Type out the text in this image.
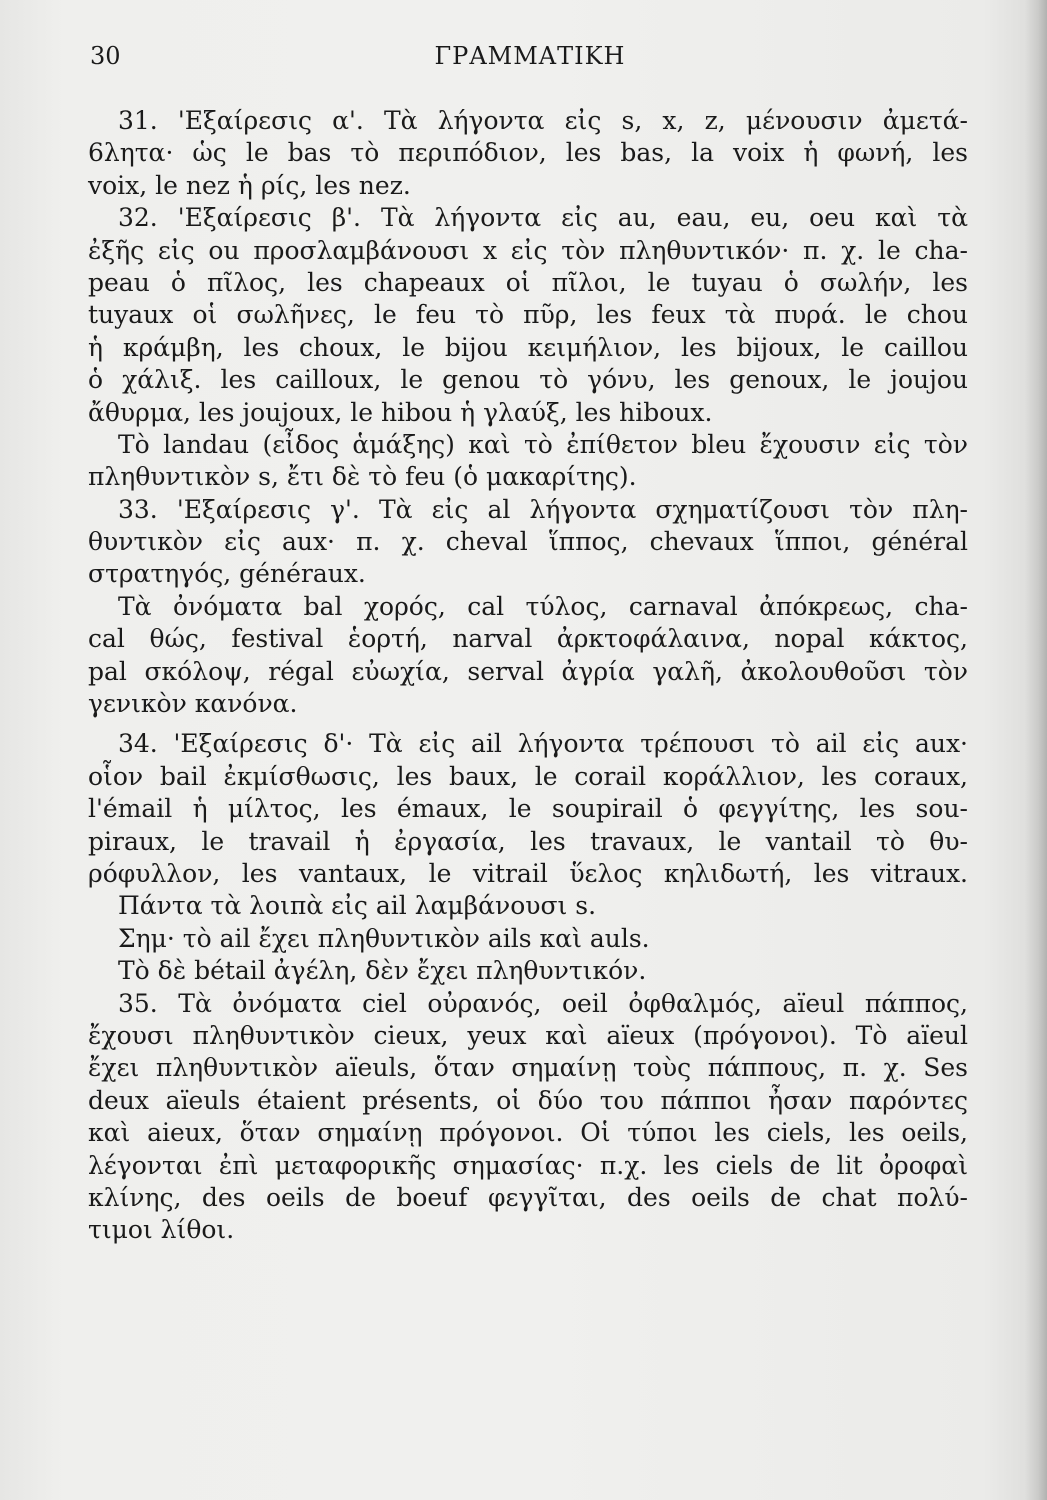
30	ΓΡΑΜΜΑΤΙΚΗ
31. 'Εξαίρεσις α'. Τὰ λήγοντα εἰς s, x, z, μένουσιν ἀμετά-
6λητα· ὡς le bas τὸ περιπόδιον, les bas, la voix ἡ φωνή, les
voix, le nez ἡ ρίς, les nez.
32. 'Εξαίρεσις β'. Τὰ λήγοντα εἰς au, eau, eu, oeu καὶ τὰ
ἐξῆς εἰς ou προσλαμβάνουσι x εἰς τὸν πληθυντικόν· π. χ. le cha-
peau ὁ πῖλος, les chapeaux οἱ πῖλοι, le tuyau ὁ σωλήν, les
tuyaux οἱ σωλῆνες, le feu τὸ πῦρ, les feux τὰ πυρά. le chou
ἡ κράμβη, les choux, le bijou κειμήλιον, les bijoux, le caillou
ὁ χάλιξ. les cailloux, le genou τὸ γόνυ, les genoux, le joujou
ἄθυρμα, les joujoux, le hibou ἡ γλαύξ, les hiboux.
Τὸ landau (εἶδος ἁμάξης) καὶ τὸ ἐπίθετον bleu ἔχουσιν εἰς τὸν
πληθυντικὸν s, ἔτι δὲ τὸ feu (ὁ μακαρίτης).
33. 'Εξαίρεσις γ'. Τὰ εἰς al λήγοντα σχηματίζουσι τὸν πλη-
θυντικὸν εἰς aux· π. χ. cheval ἵππος, chevaux ἵπποι, général
στρατηγός, généraux.
Τὰ ὀνόματα bal χορός, cal τύλος, carnaval ἀπόκρεως, cha-
cal θώς, festival ἑορτή, narval ἀρκτοφάλαινα, nopal κάκτος,
pal σκόλοψ, régal εὐωχία, serval ἀγρία γαλῆ, ἀκολουθοῦσι τὸν
γενικὸν κανόνα.
34. 'Εξαίρεσις δ'· Τὰ εἰς ail λήγοντα τρέπουσι τὸ ail εἰς aux·
οἷον bail ἐκμίσθωσις, les baux, le corail κοράλλιον, les coraux,
l'émail ἡ μίλτος, les émaux, le soupirail ὁ φεγγίτης, les sou-
piraux, le travail ἡ ἐργασία, les travaux, le vantail τὸ θυ-
ρόφυλλον, les vantaux, le vitrail ὕελος κηλιδωτή, les vitraux.
Πάντα τὰ λοιπὰ εἰς ail λαμβάνουσι s.
Σημ· τὸ ail ἔχει πληθυντικὸν ails καὶ auls.
Τὸ δὲ bétail ἀγέλη, δὲν ἔχει πληθυντικόν.
35. Τὰ ὀνόματα ciel οὐρανός, oeil ὀφθαλμός, aïeul πάππος,
ἔχουσι πληθυντικὸν cieux, yeux καὶ aïeux (πρόγονοι). Τὸ aïeul
ἔχει πληθυντικὸν aïeuls, ὅταν σημαίνῃ τοὺς πάππους, π. χ. Ses
deux aïeuls étaient présents, οἱ δύο του πάπποι ἦσαν παρόντες
καὶ aieux, ὅταν σημαίνῃ πρόγονοι. Οἱ τύποι les ciels, les oeils,
λέγονται ἐπὶ μεταφορικῆς σημασίας· π.χ. les ciels de lit ὀροφαὶ
κλίνης, des oeils de boeuf φεγγῖται, des oeils de chat πολύ-
τιμοι λίθοι.
